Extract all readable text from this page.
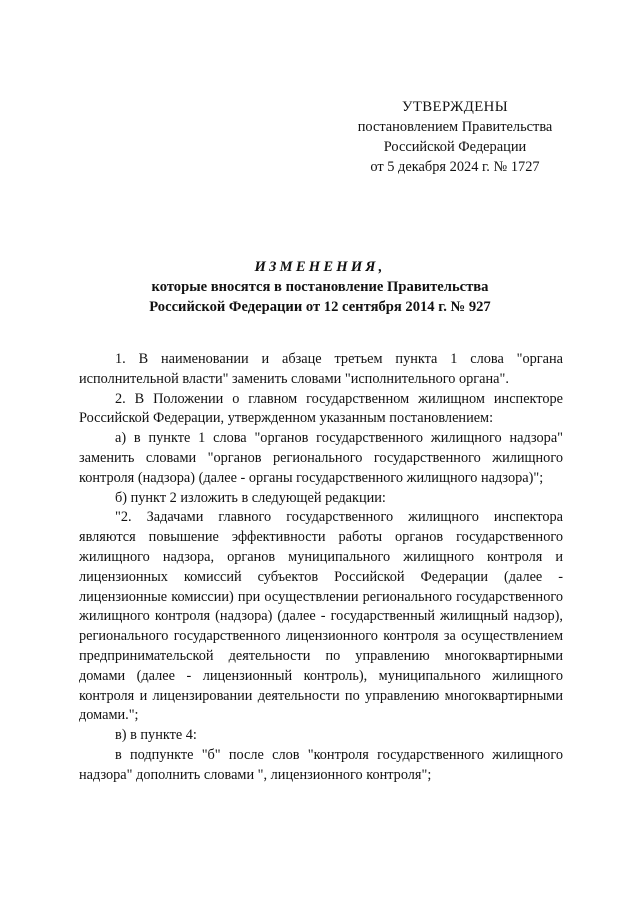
УТВЕРЖДЕНЫ
постановлением Правительства
Российской Федерации
от 5 декабря 2024 г. № 1727
ИЗМЕНЕНИЯ,
которые вносятся в постановление Правительства
Российской Федерации от 12 сентября 2014 г. № 927

1. В наименовании и абзаце третьем пункта 1 слова "органа исполнительной власти" заменить словами "исполнительного органа".

2. В Положении о главном государственном жилищном инспекторе Российской Федерации, утвержденном указанным постановлением:

а) в пункте 1 слова "органов государственного жилищного надзора" заменить словами "органов регионального государственного жилищного контроля (надзора) (далее - органы государственного жилищного надзора)";

б) пункт 2 изложить в следующей редакции:

"2. Задачами главного государственного жилищного инспектора являются повышение эффективности работы органов государственного жилищного надзора, органов муниципального жилищного контроля и лицензионных комиссий субъектов Российской Федерации (далее - лицензионные комиссии) при осуществлении регионального государственного жилищного контроля (надзора) (далее - государственный жилищный надзор), регионального государственного лицензионного контроля за осуществлением предпринимательской деятельности по управлению многоквартирными домами (далее - лицензионный контроль), муниципального жилищного контроля и лицензировании деятельности по управлению многоквартирными домами.";

в) в пункте 4:

в подпункте "б" после слов "контроля государственного жилищного надзора" дополнить словами ", лицензионного контроля";
